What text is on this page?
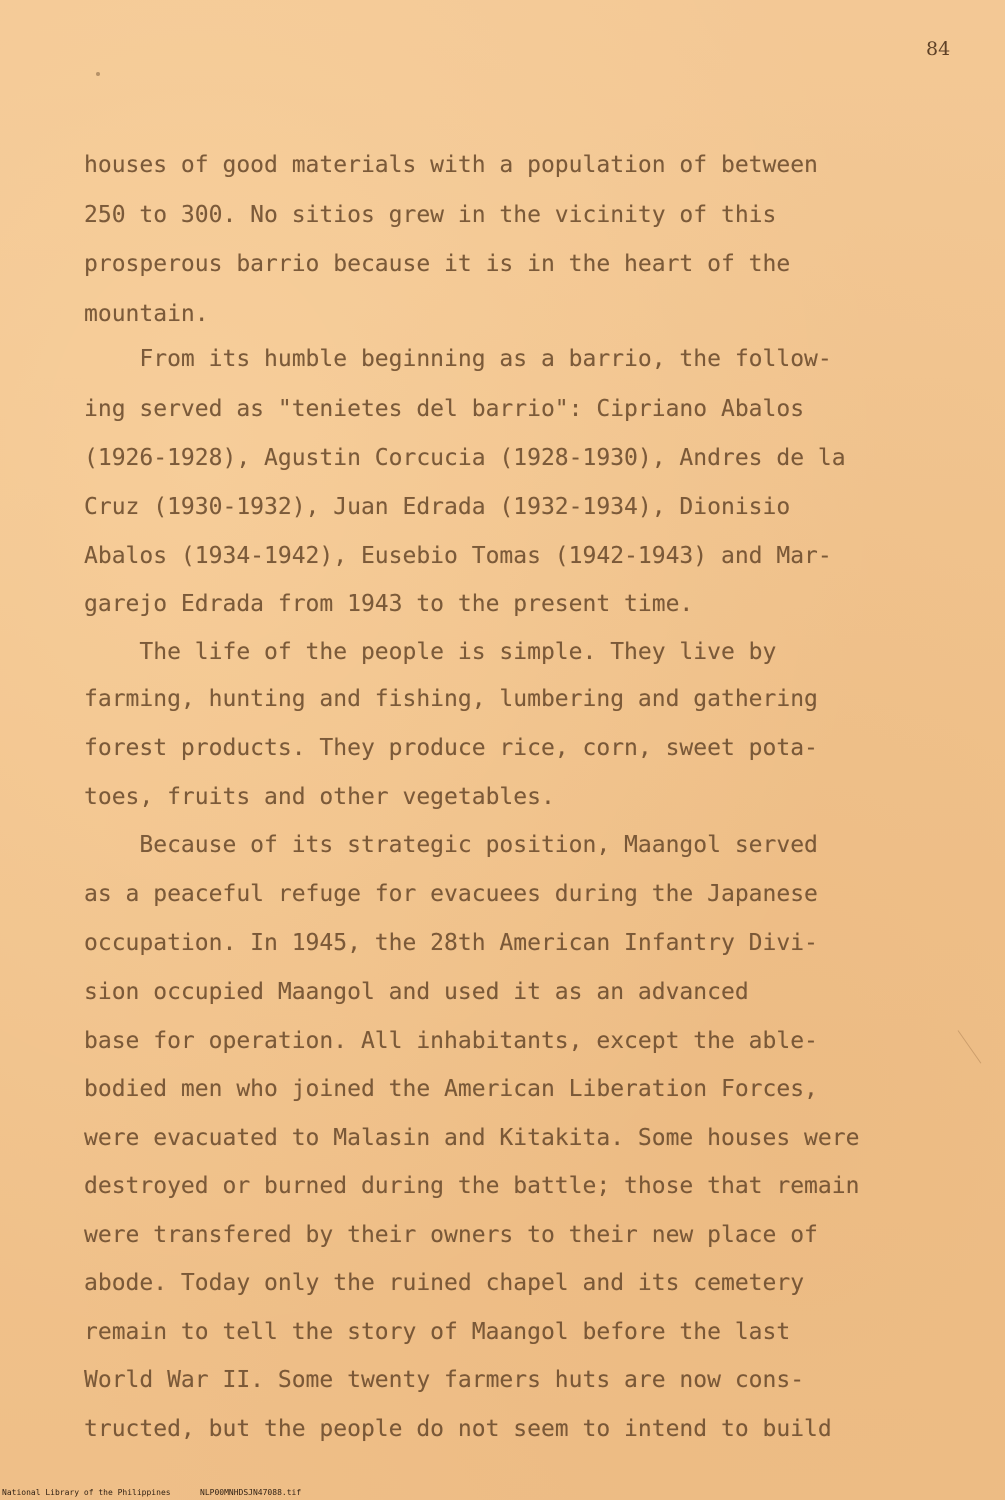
84
houses of good materials with a population of between
250 to 300. No sitios grew in the vicinity of this
prosperous barrio because it is in the heart of the
mountain.
From its humble beginning as a barrio, the follow-
ing served as "tenietes del barrio": Cipriano Abalos
(1926-1928), Agustin Corcucia (1928-1930), Andres de la
Cruz (1930-1932), Juan Edrada (1932-1934), Dionisio
Abalos (1934-1942), Eusebio Tomas (1942-1943) and Mar-
garejo Edrada from 1943 to the present time.
The life of the people is simple. They live by
farming, hunting and fishing, lumbering and gathering
forest products. They produce rice, corn, sweet pota-
toes, fruits and other vegetables.
Because of its strategic position, Maangol served
as a peaceful refuge for evacuees during the Japanese
occupation. In 1945, the 28th American Infantry Divi-
sion occupied Maangol and used it as an advanced
base for operation. All inhabitants, except the able-
bodied men who joined the American Liberation Forces,
were evacuated to Malasin and Kitakita. Some houses were
destroyed or burned during the battle; those that remain
were transfered by their owners to their new place of
abode. Today only the ruined chapel and its cemetery
remain to tell the story of Maangol before the last
World War II. Some twenty farmers huts are now cons-
tructed, but the people do not seem to intend to build
National Library of the Philippines	NLP00MNHDSJN47088.tif
